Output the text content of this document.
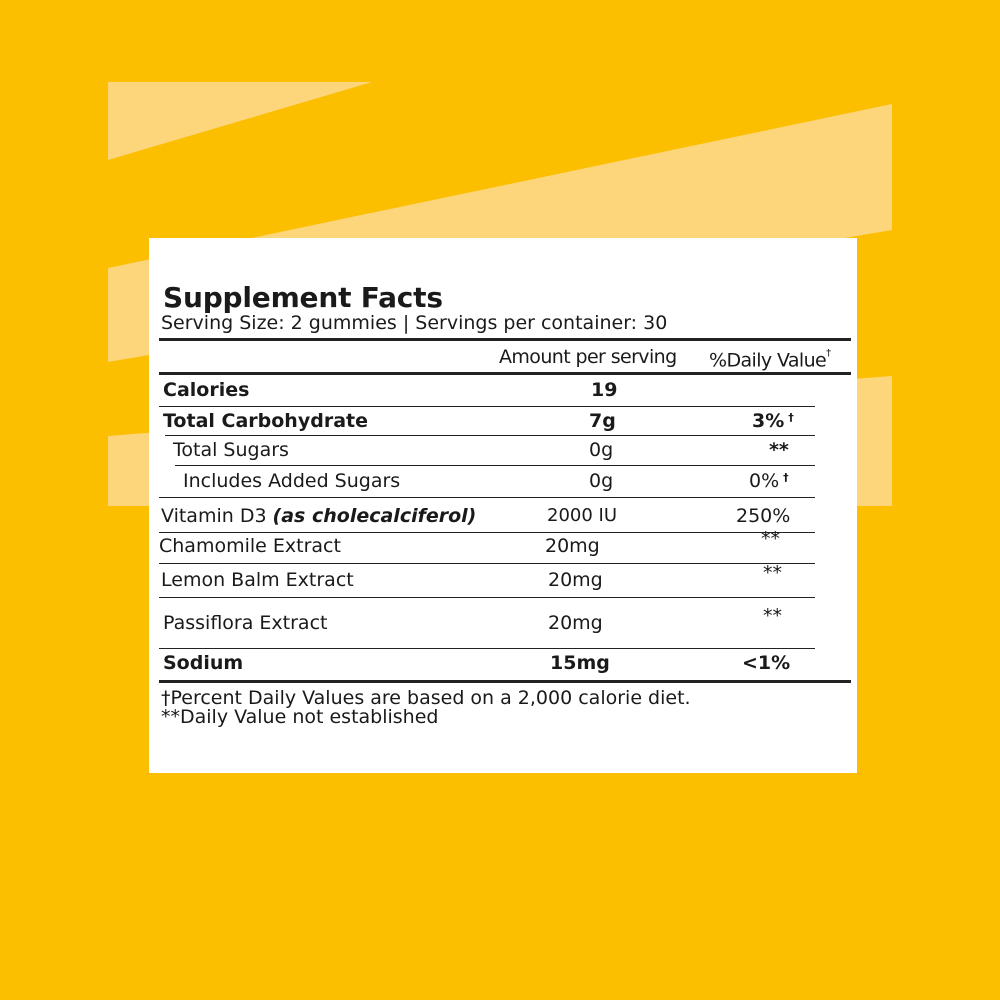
Supplement Facts
Serving Size: 2 gummies | Servings per container: 30
Amount per serving %Daily Value†
Calories	19
Total Carbohydrate	7g	3% †
Total Sugars	0g	**
Includes Added Sugars	0g	0% †
Vitamin D3 (as cholecalciferol)	2000 IU	250%
Chamomile Extract	20mg	**
Lemon Balm Extract	20mg	**
Passiflora Extract	20mg	**
Sodium	15mg	<1%
†Percent Daily Values are based on a 2,000 calorie diet.
**Daily Value not established
